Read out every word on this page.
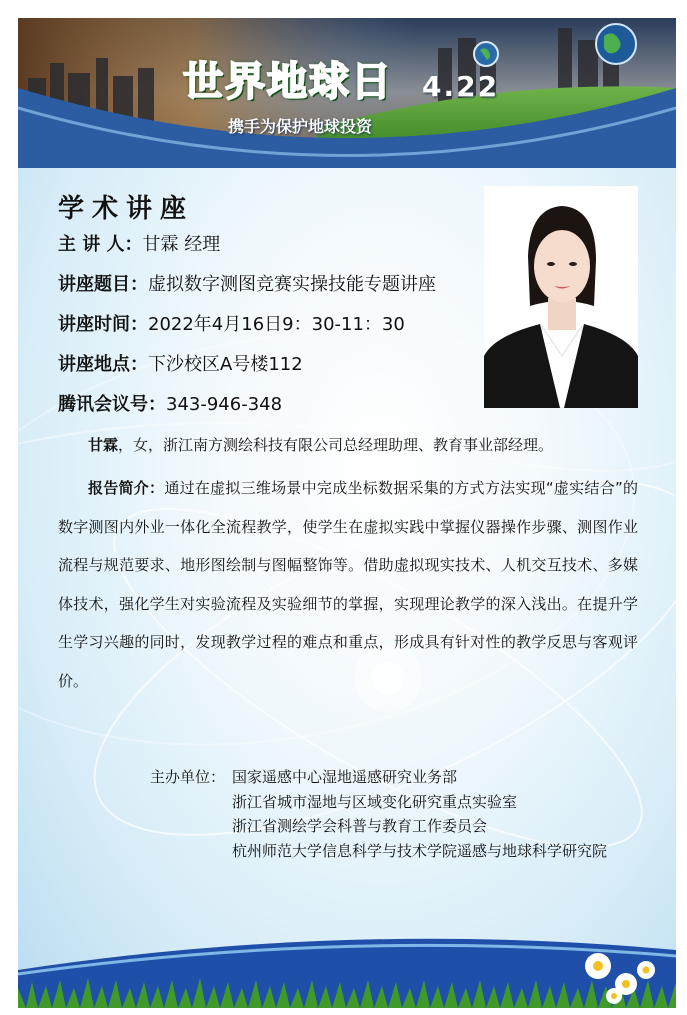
世界地球日 4.22
携手为保护地球投资
学术讲座
主 讲 人：甘霖 经理
讲座题目：虚拟数字测图竞赛实操技能专题讲座
讲座时间：2022年4月16日9：30-11：30
讲座地点：下沙校区A号楼112
腾讯会议号：343-946-348
甘霖，女，浙江南方测绘科技有限公司总经理助理、教育事业部经理。
报告简介：通过在虚拟三维场景中完成坐标数据采集的方式方法实现“虚实结合”的数字测图内外业一体化全流程教学，使学生在虚拟实践中掌握仪器操作步骤、测图作业流程与规范要求、地形图绘制与图幅整饰等。借助虚拟现实技术、人机交互技术、多媒体技术，强化学生对实验流程及实验细节的掌握，实现理论教学的深入浅出。在提升学生学习兴趣的同时，发现教学过程的难点和重点，形成具有针对性的教学反思与客观评价。
主办单位： 国家遥感中心湿地遥感研究业务部
浙江省城市湿地与区域变化研究重点实验室
浙江省测绘学会科普与教育工作委员会
杭州师范大学信息科学与技术学院遥感与地球科学研究院
